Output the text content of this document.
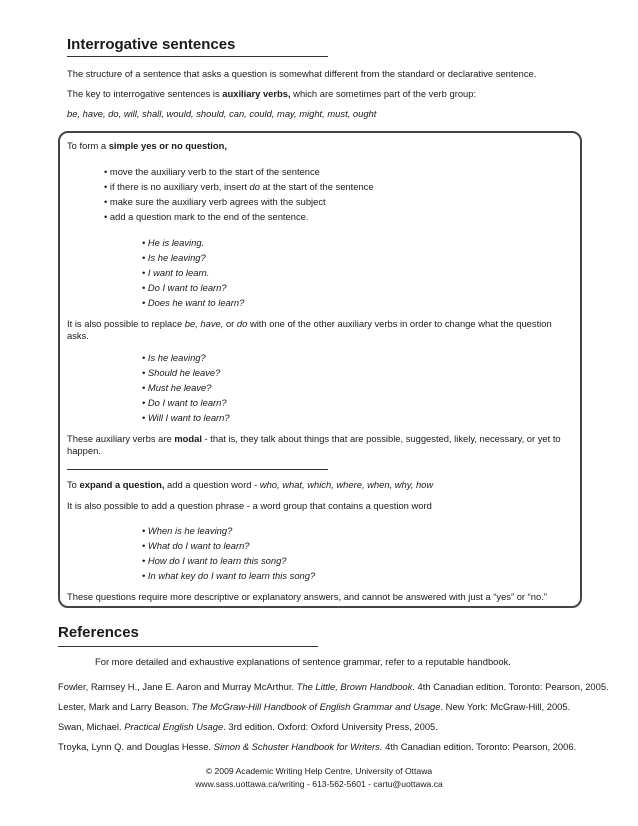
Interrogative sentences
The structure of a sentence that asks a question is somewhat different from the standard or declarative sentence.
The key to interrogative sentences is auxiliary verbs, which are sometimes part of the verb group:
be, have, do, will, shall, would, should, can, could, may, might, must, ought
To form a simple yes or no question,
• move the auxiliary verb to the start of the sentence
• if there is no auxiliary verb, insert do at the start of the sentence
• make sure the auxiliary verb agrees with the subject
• add a question mark to the end of the sentence.
• He is leaving.
• Is he leaving?
• I want to learn.
• Do I want to learn?
• Does he want to learn?
It is also possible to replace be, have, or do with one of the other auxiliary verbs in order to change what the question asks.
• Is he leaving?
• Should he leave?
• Must he leave?
• Do I want to learn?
• Will I want to learn?
These auxiliary verbs are modal - that is, they talk about things that are possible, suggested, likely, necessary, or yet to happen.
To expand a question, add a question word - who, what, which, where, when, why, how
It is also possible to add a question phrase - a word group that contains a question word
• When is he leaving?
• What do I want to learn?
• How do I want to learn this song?
• In what key do I want to learn this song?
These questions require more descriptive or explanatory answers, and cannot be answered with just a “yes” or “no.”
References
For more detailed and exhaustive explanations of sentence grammar, refer to a reputable handbook.
Fowler, Ramsey H., Jane E. Aaron and Murray McArthur. The Little, Brown Handbook. 4th Canadian edition. Toronto: Pearson, 2005.
Lester, Mark and Larry Beason. The McGraw-Hill Handbook of English Grammar and Usage. New York: McGraw-Hill, 2005.
Swan, Michael. Practical English Usage. 3rd edition. Oxford: Oxford University Press, 2005.
Troyka, Lynn Q. and Douglas Hesse. Simon & Schuster Handbook for Writers. 4th Canadian edition. Toronto: Pearson, 2006.
© 2009 Academic Writing Help Centre, University of Ottawa
www.sass.uottawa.ca/writing - 613-562-5601 - cartu@uottawa.ca
